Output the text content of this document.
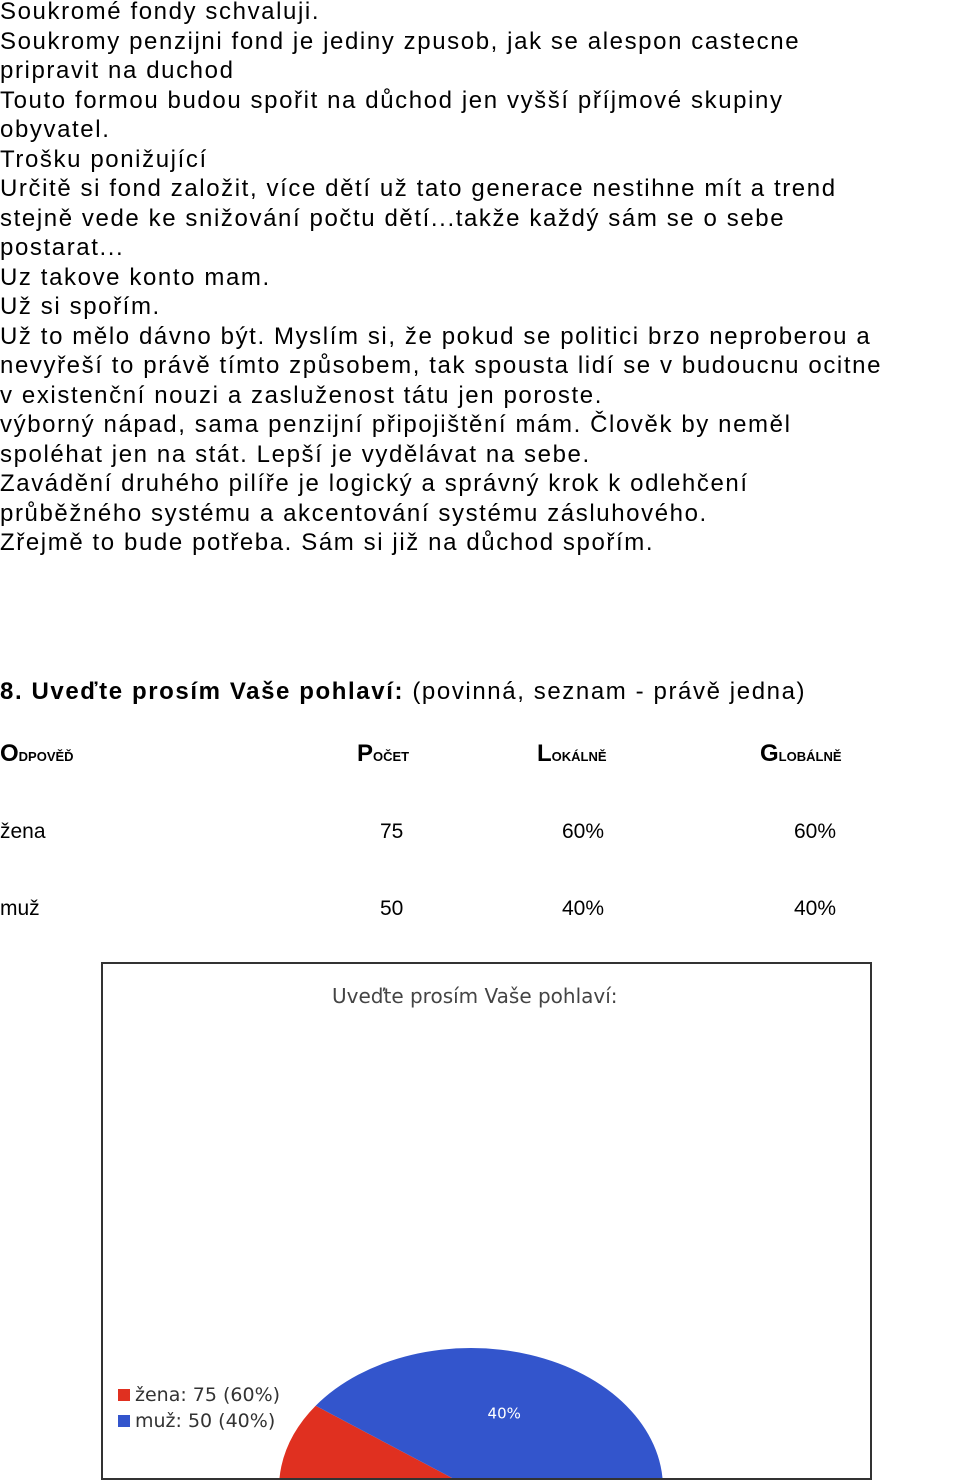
Soukromé fondy schvaluji.
Soukromy penzijni fond je jediny zpusob, jak se alespon castecne
pripravit na duchod
Touto formou budou spořit na důchod jen vyšší příjmové skupiny
obyvatel.
Trošku ponižující
Určitě si fond založit, více dětí už tato generace nestihne mít a trend
stejně vede ke snižování počtu dětí...takže každý sám se o sebe
postarat...
Uz takove konto mam.
Už si spořím.
Už to mělo dávno být. Myslím si, že pokud se politici brzo neproberou a
nevyřeší to právě tímto způsobem, tak spousta lidí se v budoucnu ocitne
v existenční nouzi a zasluženost tátu jen poroste.
výborný nápad, sama penzijní připojištění mám. Člověk by neměl
spoléhat jen na stát. Lepší je vydělávat na sebe.
Zavádění druhého pilíře je logický a správný krok k odlehčení
průběžného systému a akcentování systému zásluhového.
Zřejmě to bude potřeba. Sám si již na důchod spořím.
8. Uveďte prosím Vaše pohlaví: (povinná, seznam - právě jedna)
Odpověď	Počet	Lokálně	Globálně
žena	75	60%	60%
muž	50	40%	40%
Uveďte prosím Vaše pohlaví:
40%
žena: 75 (60%)
muž: 50 (40%)
